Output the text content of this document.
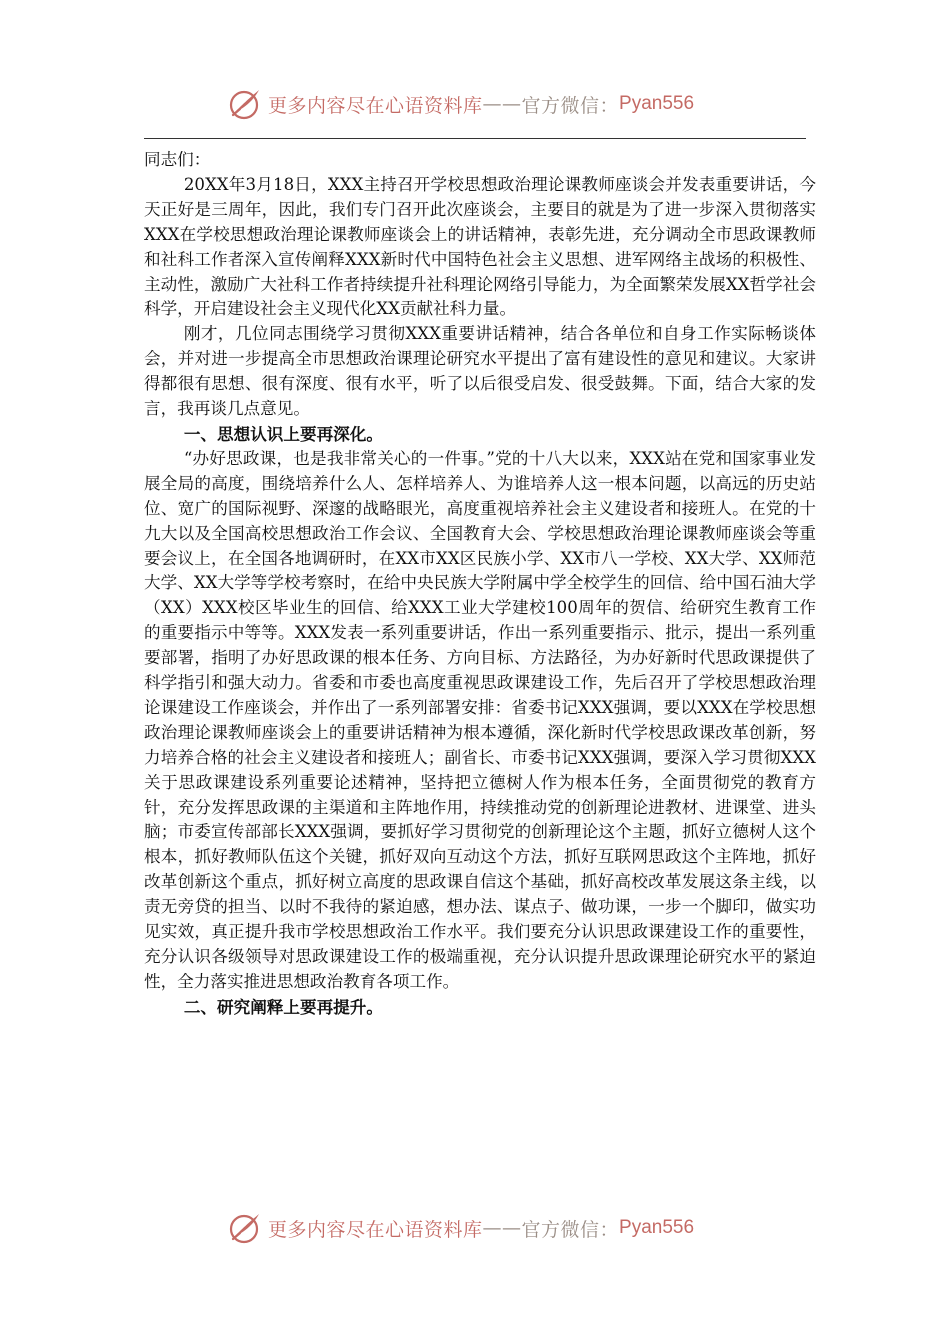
更多内容尽在心语资料库 —— 官方微信： Pyan556

同志们：

20XX年3月18日，XXX主持召开学校思想政治理论课教师座谈会并发表重要讲话，今天正好是三周年，因此，我们专门召开此次座谈会，主要目的就是为了进一步深入贯彻落实XXX在学校思想政治理论课教师座谈会上的讲话精神，表彰先进，充分调动全市思政课教师和社科工作者深入宣传阐释XXX新时代中国特色社会主义思想、进军网络主战场的积极性、主动性，激励广大社科工作者持续提升社科理论网络引导能力，为全面繁荣发展XX哲学社会科学，开启建设社会主义现代化XX贡献社科力量。

刚才，几位同志围绕学习贯彻XXX重要讲话精神，结合各单位和自身工作实际畅谈体会，并对进一步提高全市思想政治课理论研究水平提出了富有建设性的意见和建议。大家讲得都很有思想、很有深度、很有水平，听了以后很受启发、很受鼓舞。下面，结合大家的发言，我再谈几点意见。

一、思想认识上要再深化。

“办好思政课，也是我非常关心的一件事。”党的十八大以来，XXX站在党和国家事业发展全局的高度，围绕培养什么人、怎样培养人、为谁培养人这一根本问题，以高远的历史站位、宽广的国际视野、深邃的战略眼光，高度重视培养社会主义建设者和接班人。在党的十九大以及全国高校思想政治工作会议、全国教育大会、学校思想政治理论课教师座谈会等重要会议上，在全国各地调研时，在XX市XX区民族小学、XX市八一学校、XX大学、XX师范大学、XX大学等学校考察时，在给中央民族大学附属中学全校学生的回信、给中国石油大学（XX）XXX校区毕业生的回信、给XXX工业大学建校100周年的贺信、给研究生教育工作的重要指示中等等。XXX发表一系列重要讲话，作出一系列重要指示、批示，提出一系列重要部署，指明了办好思政课的根本任务、方向目标、方法路径，为办好新时代思政课提供了科学指引和强大动力。省委和市委也高度重视思政课建设工作，先后召开了学校思想政治理论课建设工作座谈会，并作出了一系列部署安排：省委书记XXX强调，要以XXX在学校思想政治理论课教师座谈会上的重要讲话精神为根本遵循，深化新时代学校思政课改革创新，努力培养合格的社会主义建设者和接班人；副省长、市委书记XXX强调，要深入学习贯彻XXX关于思政课建设系列重要论述精神，坚持把立德树人作为根本任务，全面贯彻党的教育方针，充分发挥思政课的主渠道和主阵地作用，持续推动党的创新理论进教材、进课堂、进头脑；市委宣传部部长XXX强调，要抓好学习贯彻党的创新理论这个主题，抓好立德树人这个根本，抓好教师队伍这个关键，抓好双向互动这个方法，抓好互联网思政这个主阵地，抓好改革创新这个重点，抓好树立高度的思政课自信这个基础，抓好高校改革发展这条主线，以责无旁贷的担当、以时不我待的紧迫感，想办法、谋点子、做功课，一步一个脚印，做实功见实效，真正提升我市学校思想政治工作水平。我们要充分认识思政课建设工作的重要性，充分认识各级领导对思政课建设工作的极端重视，充分认识提升思政课理论研究水平的紧迫性，全力落实推进思想政治教育各项工作。

二、研究阐释上要再提升。

更多内容尽在心语资料库 —— 官方微信： Pyan556
